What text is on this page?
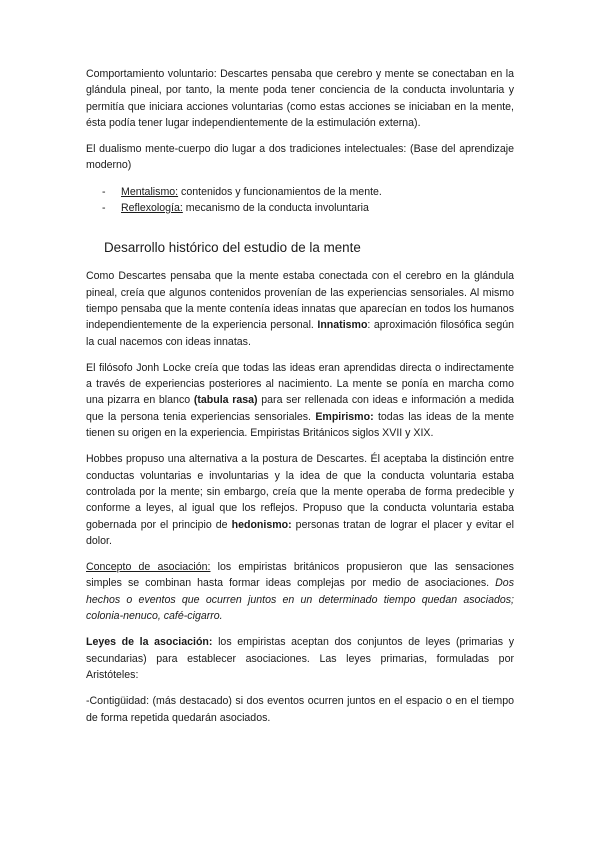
Comportamiento voluntario: Descartes pensaba que cerebro y mente se conectaban en la glándula pineal, por tanto, la mente poda tener conciencia de la conducta involuntaria y permitía que iniciara acciones voluntarias (como estas acciones se iniciaban en la mente, ésta podía tener lugar independientemente de la estimulación externa).

El dualismo mente-cuerpo dio lugar a dos tradiciones intelectuales: (Base del aprendizaje moderno)

- Mentalismo: contenidos y funcionamientos de la mente.
- Reflexología: mecanismo de la conducta involuntaria
Desarrollo histórico del estudio de la mente

Como Descartes pensaba que la mente estaba conectada con el cerebro en la glándula pineal, creía que algunos contenidos provenían de las experiencias sensoriales. Al mismo tiempo pensaba que la mente contenía ideas innatas que aparecían en todos los humanos independientemente de la experiencia personal. Innatismo: aproximación filosófica según la cual nacemos con ideas innatas.

El filósofo Jonh Locke creía que todas las ideas eran aprendidas directa o indirectamente a través de experiencias posteriores al nacimiento. La mente se ponía en marcha como una pizarra en blanco (tabula rasa) para ser rellenada con ideas e información a medida que la persona tenia experiencias sensoriales. Empirismo: todas las ideas de la mente tienen su origen en la experiencia. Empiristas Británicos siglos XVII y XIX.

Hobbes propuso una alternativa a la postura de Descartes. Él aceptaba la distinción entre conductas voluntarias e involuntarias y la idea de que la conducta voluntaria estaba controlada por la mente; sin embargo, creía que la mente operaba de forma predecible y conforme a leyes, al igual que los reflejos. Propuso que la conducta voluntaria estaba gobernada por el principio de hedonismo: personas tratan de lograr el placer y evitar el dolor.

Concepto de asociación: los empiristas británicos propusieron que las sensaciones simples se combinan hasta formar ideas complejas por medio de asociaciones. Dos hechos o eventos que ocurren juntos en un determinado tiempo quedan asociados; colonia-nenuco, café-cigarro.

Leyes de la asociación: los empiristas aceptan dos conjuntos de leyes (primarias y secundarias) para establecer asociaciones. Las leyes primarias, formuladas por Aristóteles:

-Contigüidad: (más destacado) si dos eventos ocurren juntos en el espacio o en el tiempo de forma repetida quedarán asociados.
